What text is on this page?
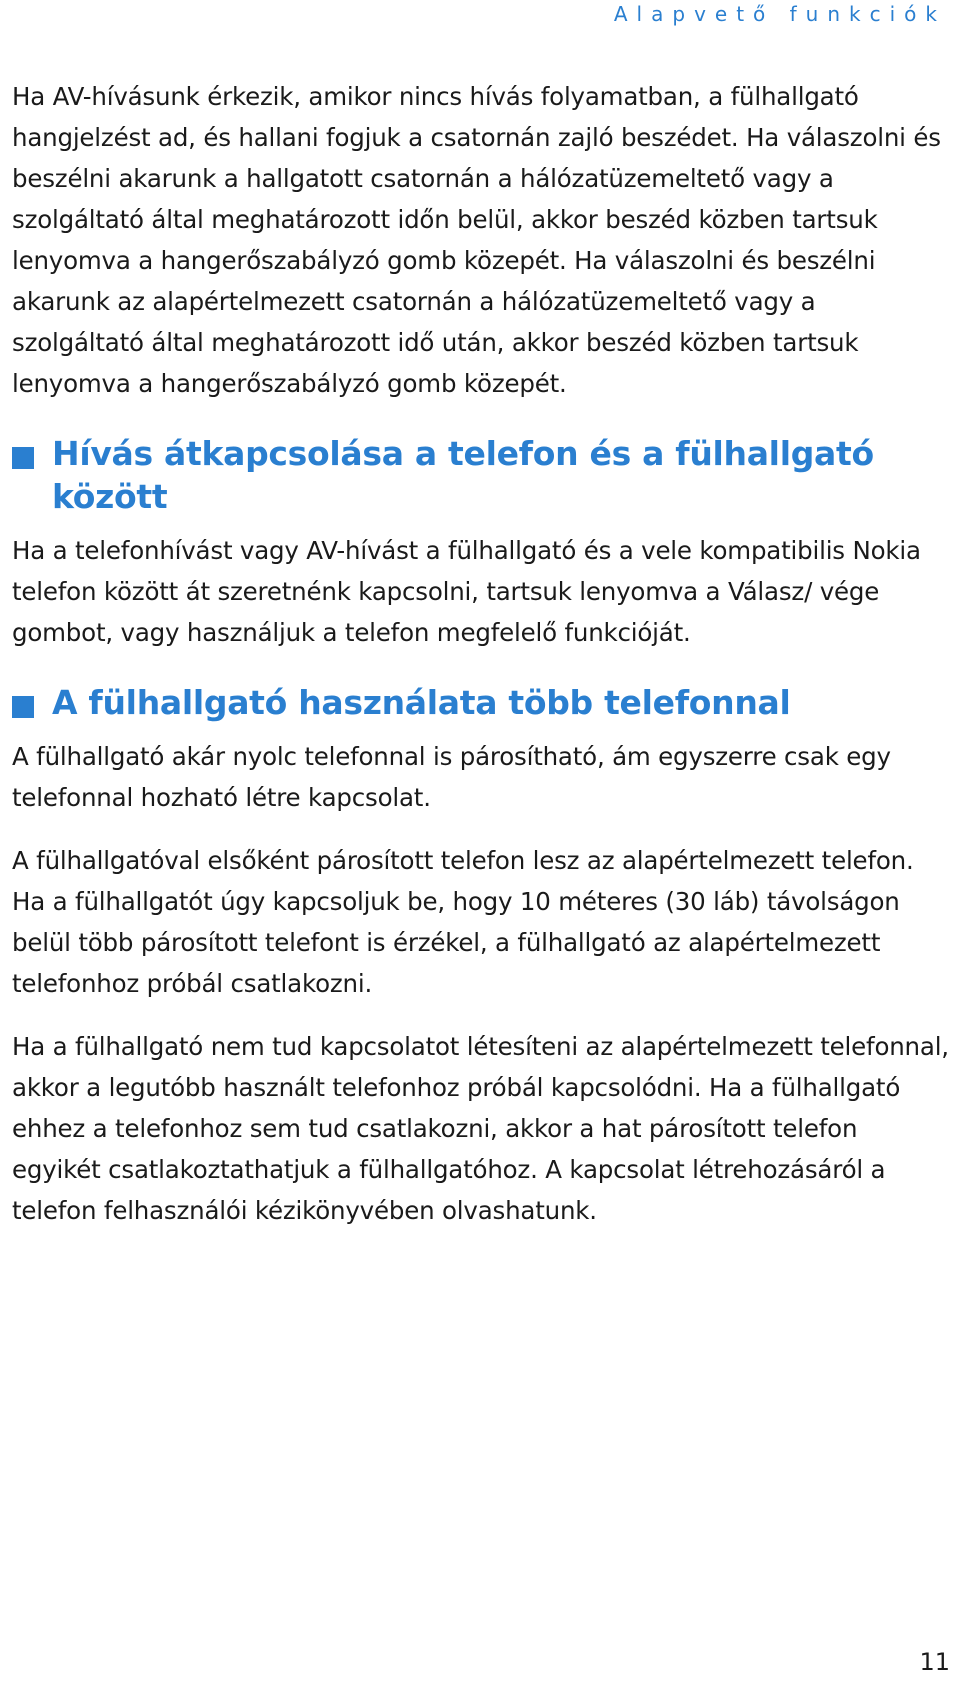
Alapvető funkciók

Ha AV-hívásunk érkezik, amikor nincs hívás folyamatban, a fülhallgató hangjelzést ad, és hallani fogjuk a csatornán zajló beszédet. Ha válaszolni és beszélni akarunk a hallgatott csatornán a hálózatüzemeltető vagy a szolgáltató által meghatározott időn belül, akkor beszéd közben tartsuk lenyomva a hangerőszabályzó gomb közepét. Ha válaszolni és beszélni akarunk az alapértelmezett csatornán a hálózatüzemeltető vagy a szolgáltató által meghatározott idő után, akkor beszéd közben tartsuk lenyomva a hangerőszabályzó gomb közepét.

Hívás átkapcsolása a telefon és a fülhallgató között

Ha a telefonhívást vagy AV-hívást a fülhallgató és a vele kompatibilis Nokia telefon között át szeretnénk kapcsolni, tartsuk lenyomva a Válasz/ vége gombot, vagy használjuk a telefon megfelelő funkcióját.

A fülhallgató használata több telefonnal

A fülhallgató akár nyolc telefonnal is párosítható, ám egyszerre csak egy telefonnal hozható létre kapcsolat.

A fülhallgatóval elsőként párosított telefon lesz az alapértelmezett telefon. Ha a fülhallgatót úgy kapcsoljuk be, hogy 10 méteres (30 láb) távolságon belül több párosított telefont is érzékel, a fülhallgató az alapértelmezett telefonhoz próbál csatlakozni.

Ha a fülhallgató nem tud kapcsolatot létesíteni az alapértelmezett telefonnal, akkor a legutóbb használt telefonhoz próbál kapcsolódni. Ha a fülhallgató ehhez a telefonhoz sem tud csatlakozni, akkor a hat párosított telefon egyikét csatlakoztathatjuk a fülhallgatóhoz. A kapcsolat létrehozásáról a telefon felhasználói kézikönyvében olvashatunk.

11
